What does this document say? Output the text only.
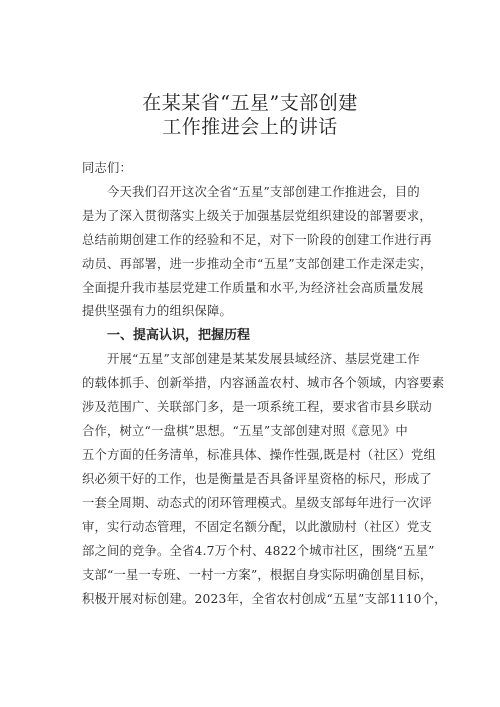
在某某省“五星”支部创建
工作推进会上的讲话
同志们：
今天我们召开这次全省“五星”支部创建工作推进会，目的
是为了深入贯彻落实上级关于加强基层党组织建设的部署要求，
总结前期创建工作的经验和不足，对下一阶段的创建工作进行再
动员、再部署，进一步推动全市“五星”支部创建工作走深走实，
全面提升我市基层党建工作质量和水平,为经济社会高质量发展
提供坚强有力的组织保障。
一、提高认识，把握历程
开展“五星”支部创建是某某发展县域经济、基层党建工作
的载体抓手、创新举措，内容涵盖农村、城市各个领域，内容要素
涉及范围广、关联部门多，是一项系统工程，要求省市县乡联动
合作，树立“一盘棋”思想。“五星”支部创建对照《意见》中
五个方面的任务清单，标准具体、操作性强,既是村（社区）党组
织必须干好的工作，也是衡量是否具备评星资格的标尺，形成了
一套全周期、动态式的闭环管理模式。星级支部每年进行一次评
审，实行动态管理，不固定名额分配，以此激励村（社区）党支
部之间的竞争。全省4.7万个村、4822个城市社区，围绕“五星”
支部“一星一专班、一村一方案”，根据自身实际明确创星目标，
积极开展对标创建。2023年，全省农村创成“五星”支部1110个，
